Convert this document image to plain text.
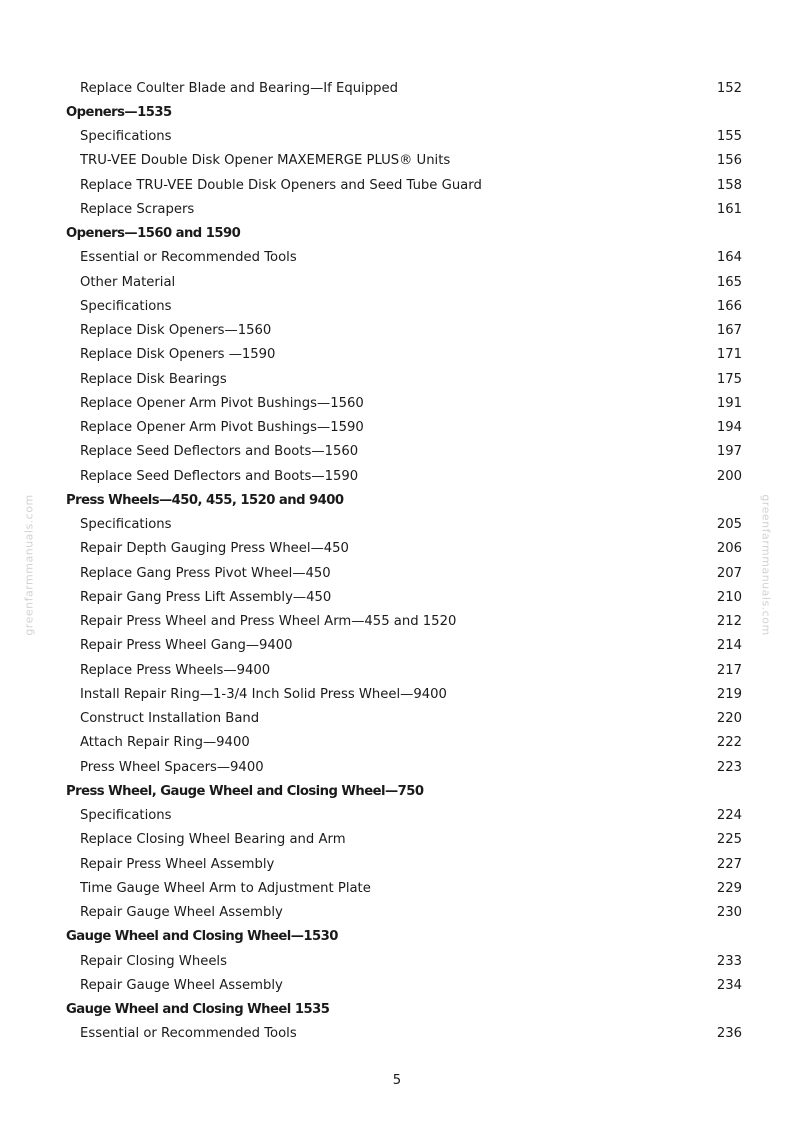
Replace Coulter Blade and Bearing—If Equipped	152
Openers—1535
Specifications	155
TRU-VEE Double Disk Opener MAXEMERGE PLUS® Units	156
Replace TRU-VEE Double Disk Openers and Seed Tube Guard	158
Replace Scrapers	161
Openers—1560 and 1590
Essential or Recommended Tools	164
Other Material	165
Specifications	166
Replace Disk Openers—1560	167
Replace Disk Openers —1590	171
Replace Disk Bearings	175
Replace Opener Arm Pivot Bushings—1560	191
Replace Opener Arm Pivot Bushings—1590	194
Replace Seed Deflectors and Boots—1560	197
Replace Seed Deflectors and Boots—1590	200
Press Wheels—450, 455, 1520 and 9400
Specifications	205
Repair Depth Gauging Press Wheel—450	206
Replace Gang Press Pivot Wheel—450	207
Repair Gang Press Lift Assembly—450	210
Repair Press Wheel and Press Wheel Arm—455 and 1520	212
Repair Press Wheel Gang—9400	214
Replace Press Wheels—9400	217
Install Repair Ring—1-3/4 Inch Solid Press Wheel—9400	219
Construct Installation Band	220
Attach Repair Ring—9400	222
Press Wheel Spacers—9400	223
Press Wheel, Gauge Wheel and Closing Wheel—750
Specifications	224
Replace Closing Wheel Bearing and Arm	225
Repair Press Wheel Assembly	227
Time Gauge Wheel Arm to Adjustment Plate	229
Repair Gauge Wheel Assembly	230
Gauge Wheel and Closing Wheel—1530
Repair Closing Wheels	233
Repair Gauge Wheel Assembly	234
Gauge Wheel and Closing Wheel 1535
Essential or Recommended Tools	236
5
greenfarmmanuals.com	greenfarmmanuals.com
